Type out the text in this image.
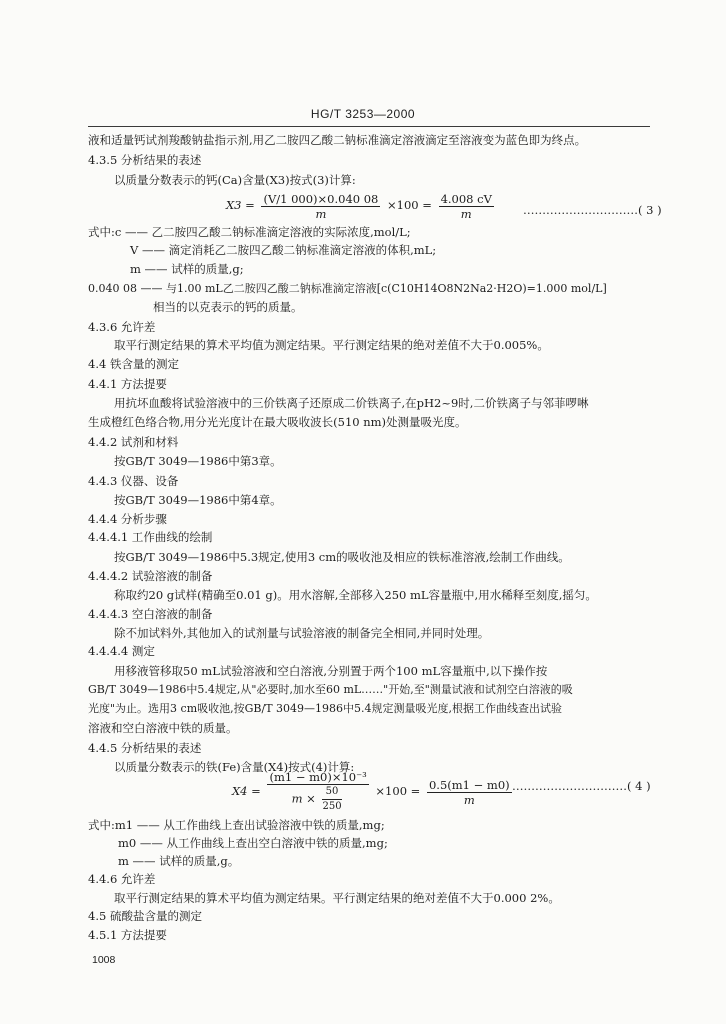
HG/T 3253—2000
液和适量钙试剂羧酸钠盐指示剂,用乙二胺四乙酸二钠标准滴定溶液滴定至溶液变为蓝色即为终点。
4.3.5 分析结果的表述
以质量分数表示的钙(Ca)含量(X3)按式(3)计算:
$X3 = \frac{(V/1 000)\times 0.040 08}{m} \times 100 = \frac{4.008 cV}{m}$	…………………………( 3 )
式中:c —— 乙二胺四乙酸二钠标准滴定溶液的实际浓度,mol/L;
V —— 滴定消耗乙二胺四乙酸二钠标准滴定溶液的体积,mL;
m —— 试样的质量,g;
0.040 08 —— 与1.00 mL乙二胺四乙酸二钠标准滴定溶液[c(C10H14O8N2Na2·H2O)=1.000 mol/L]
相当的以克表示的钙的质量。
4.3.6 允许差
取平行测定结果的算术平均值为测定结果。平行测定结果的绝对差值不大于0.005%。
4.4 铁含量的测定
4.4.1 方法提要
用抗坏血酸将试验溶液中的三价铁离子还原成二价铁离子,在pH2~9时,二价铁离子与邻菲啰啉
生成橙红色络合物,用分光光度计在最大吸收波长(510 nm)处测量吸光度。
4.4.2 试剂和材料
按GB/T 3049—1986中第3章。
4.4.3 仪器、设备
按GB/T 3049—1986中第4章。
4.4.4 分析步骤
4.4.4.1 工作曲线的绘制
按GB/T 3049—1986中5.3规定,使用3 cm的吸收池及相应的铁标准溶液,绘制工作曲线。
4.4.4.2 试验溶液的制备
称取约20 g试样(精确至0.01 g)。用水溶解,全部移入250 mL容量瓶中,用水稀释至刻度,摇匀。
4.4.4.3 空白溶液的制备
除不加试料外,其他加入的试剂量与试验溶液的制备完全相同,并同时处理。
4.4.4.4 测定
用移液管移取50 mL试验溶液和空白溶液,分别置于两个100 mL容量瓶中,以下操作按
GB/T 3049—1986中5.4规定,从"必要时,加水至60 mL……"开始,至"测量试液和试剂空白溶液的吸
光度"为止。选用3 cm吸收池,按GB/T 3049—1986中5.4规定测量吸光度,根据工作曲线查出试验
溶液和空白溶液中铁的质量。
4.4.5 分析结果的表述
以质量分数表示的铁(Fe)含量(X4)按式(4)计算:
$X4 = \frac{\text{(m1 − m0)×10⁻³}}{m \times \frac{50}{250}} \times 100 = \frac{0.5(m1 - m0)}{m}$ …………………………( 4 )
式中:m1 —— 从工作曲线上查出试验溶液中铁的质量,mg;
m0 —— 从工作曲线上查出空白溶液中铁的质量,mg;
m —— 试样的质量,g。
4.4.6 允许差
取平行测定结果的算术平均值为测定结果。平行测定结果的绝对差值不大于0.000 2%。
4.5 硫酸盐含量的测定
4.5.1 方法提要
1008
